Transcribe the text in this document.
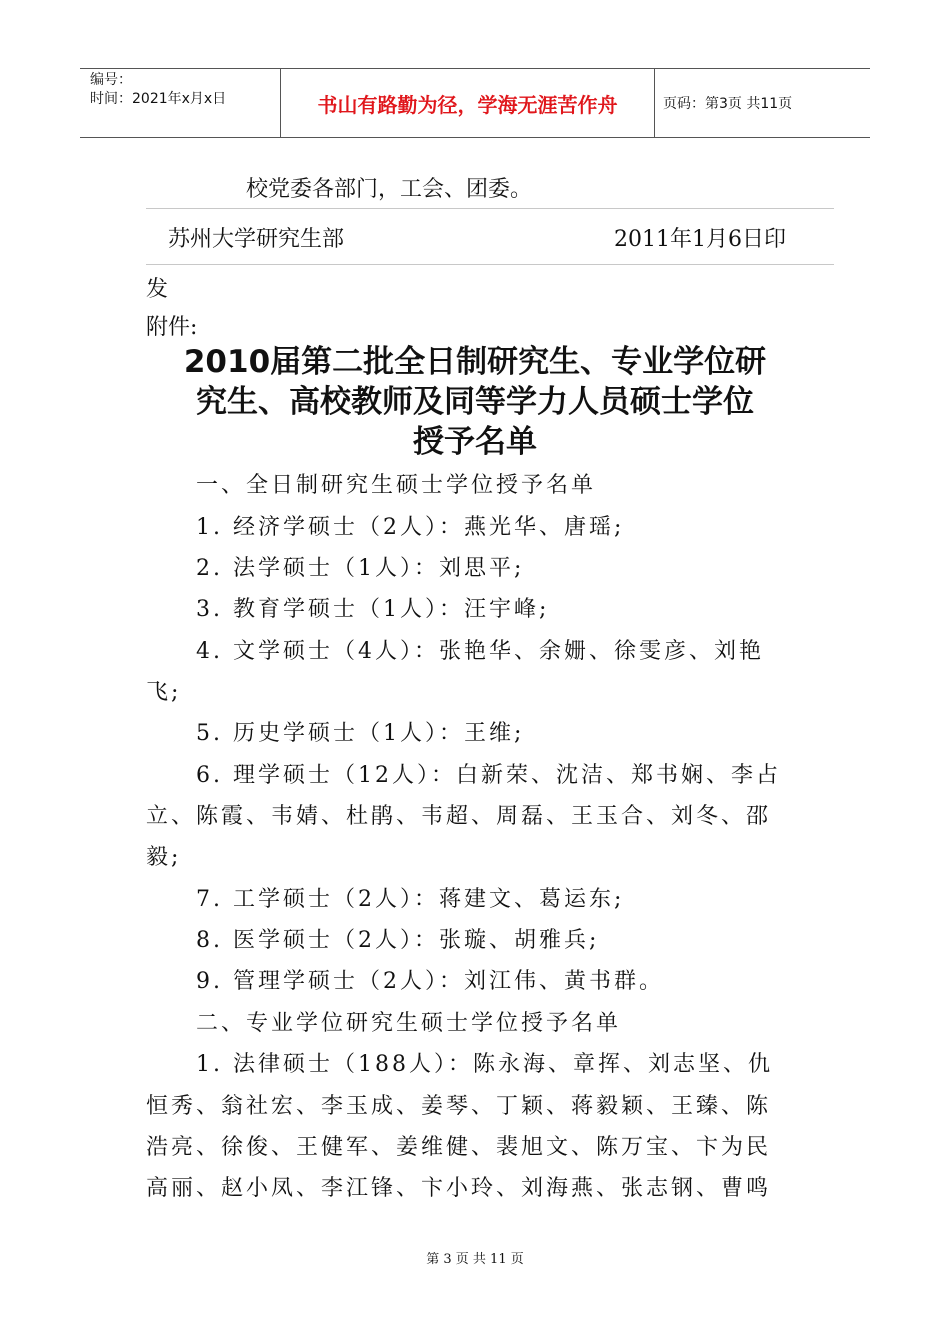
编号：
时间：2021年x月x日	书山有路勤为径，学海无涯苦作舟	页码：第3页 共11页
校党委各部门，工会、团委。
苏州大学研究生部	2011年1月6日印
发
附件:
2010届第二批全日制研究生、专业学位研
究生、高校教师及同等学力人员硕士学位
授予名单
一、全日制研究生硕士学位授予名单
1. 经济学硕士（2人）：燕光华、唐瑶;
2. 法学硕士（1人）：刘思平;
3. 教育学硕士（1人）：汪宇峰;
4. 文学硕士（4人）：张艳华、余姗、徐雯彦、刘艳
飞;
5. 历史学硕士（1人）：王维;
6. 理学硕士（12人）：白新荣、沈洁、郑书娴、李占
立、陈霞、韦婧、杜鹃、韦超、周磊、王玉合、刘冬、邵
毅;
7. 工学硕士（2人）：蒋建文、葛运东;
8. 医学硕士（2人）：张璇、胡雅兵;
9. 管理学硕士（2人）：刘江伟、黄书群。
二、专业学位研究生硕士学位授予名单
1. 法律硕士（188人）：陈永海、章挥、刘志坚、仇
恒秀、翁社宏、李玉成、姜琴、丁颖、蒋毅颖、王臻、陈
浩亮、徐俊、王健军、姜维健、裴旭文、陈万宝、卞为民
高丽、赵小凤、李江锋、卞小玲、刘海燕、张志钢、曹鸣
第 3 页 共 11 页
